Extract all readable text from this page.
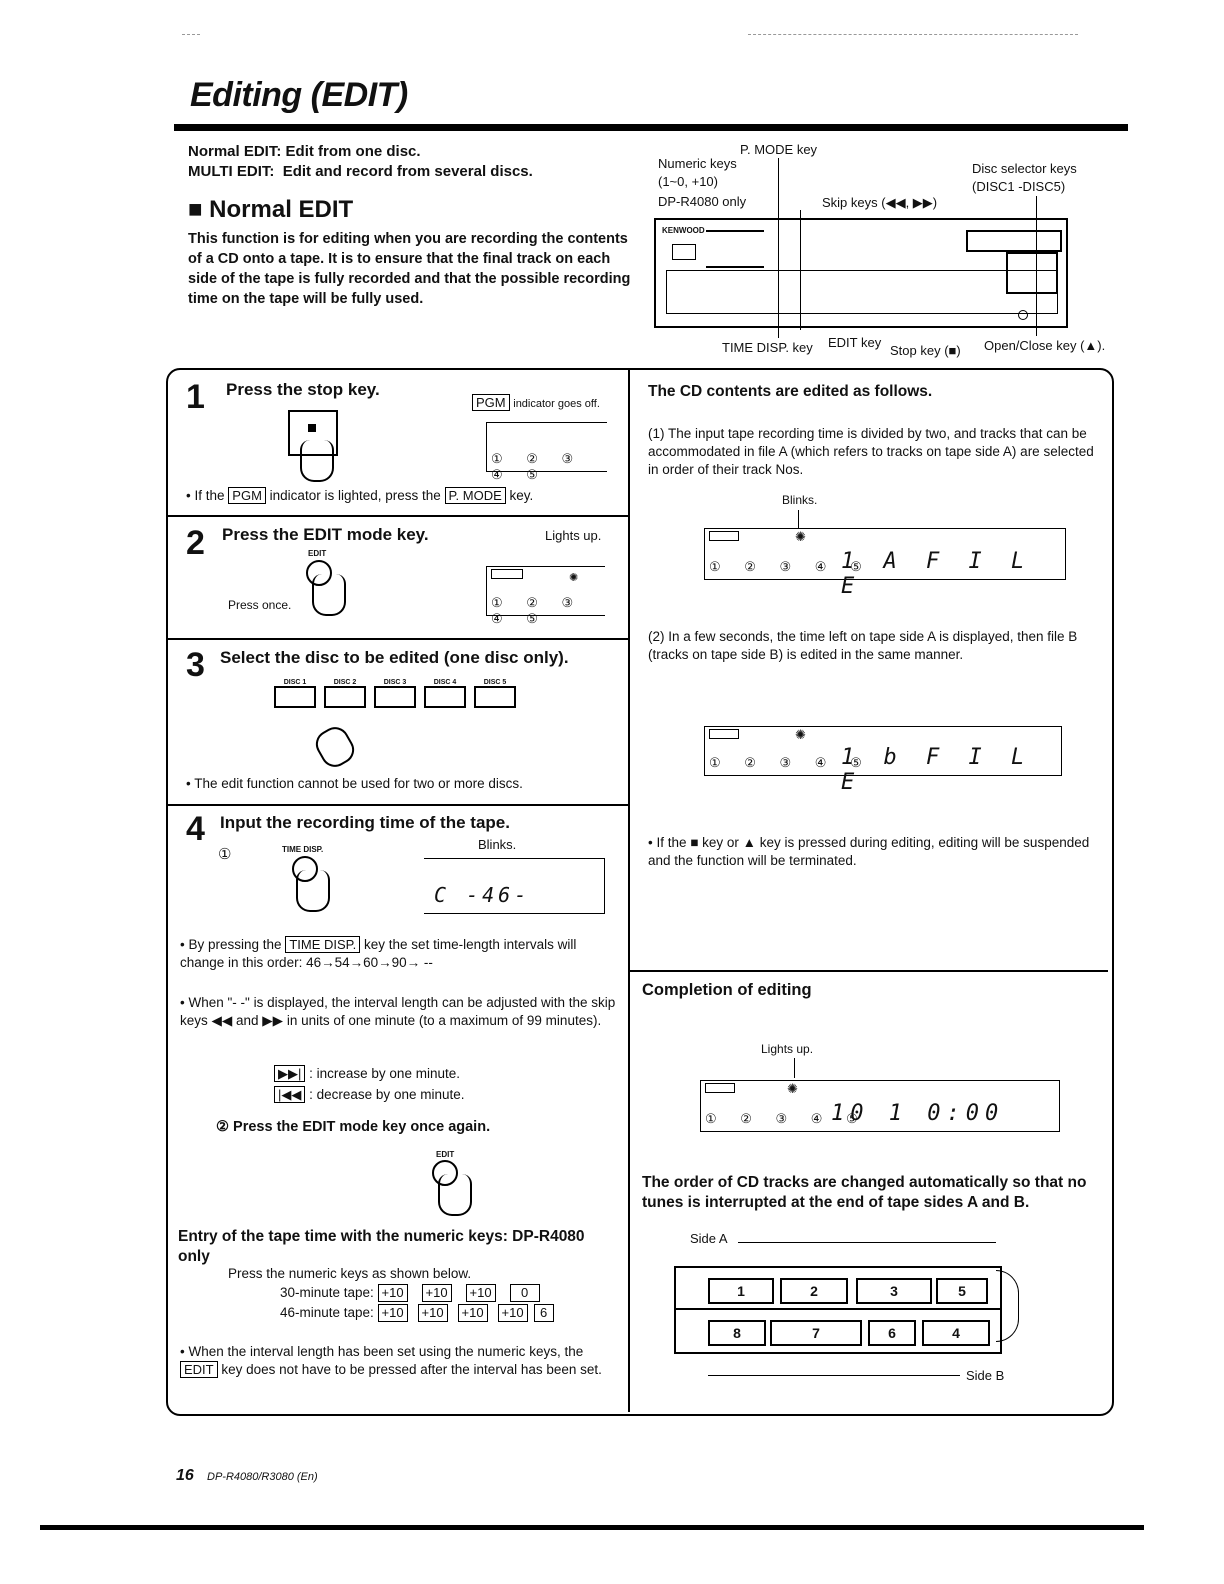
Editing (EDIT)
Normal EDIT: Edit from one disc.
MULTI EDIT: Edit and record from several discs.
■ Normal EDIT
This function is for editing when you are recording the contents of a CD onto a tape. It is to ensure that the final track on each side of the tape is fully recorded and that the possible recording time on the tape will be fully used.
P. MODE key
Numeric keys
(1~0, +10)
DP-R4080 only	Skip keys (◀◀, ▶▶)
Disc selector keys
(DISC1 -DISC5)
KENWOOD
TIME DISP. key EDIT key
Stop key (■) Open/Close key (▲).
1 Press the stop key.
PGM indicator goes off.
① ② ③ ④ ⑤
• If the PGM indicator is lighted, press the P. MODE key.
2 Press the EDIT mode key.	Lights up.
EDIT
Press once.
✺
① ② ③ ④ ⑤
3 Select the disc to be edited (one disc only).
DISC 1	DISC 2	DISC 3	DISC 4	DISC 5
• The edit function cannot be used for two or more discs.
4 Input the recording time of the tape.
①	TIME DISP.	Blinks.
C -46-
• By pressing the TIME DISP. key the set time-length intervals will change in this order: 46→54→60→90→ --
• When "- -" is displayed, the interval length can be adjusted with the skip keys ◀◀ and ▶▶ in units of one minute (to a maximum of 99 minutes).
▶▶| : increase by one minute.
|◀◀ : decrease by one minute.
② Press the EDIT mode key once again.
EDIT
Entry of the tape time with the numeric keys: DP-R4080 only
Press the numeric keys as shown below.
30-minute tape: +10 +10 +10 0
46-minute tape: +10 +10 +10 +10 6
• When the interval length has been set using the numeric keys, the EDIT key does not have to be pressed after the interval has been set.
The CD contents are edited as follows.
(1) The input tape recording time is divided by two, and tracks that can be accommodated in file A (which refers to tracks on tape side A) are selected in order of their track Nos.
Blinks.
✺
① ② ③ ④ ⑤
1 A F I L E
(2) In a few seconds, the time left on tape side A is displayed, then file B (tracks on tape side B) is edited in the same manner.
✺
① ② ③ ④ ⑤
1 b F I L E
• If the ■ key or ▲ key is pressed during editing, editing will be suspended and the function will be terminated.
Completion of editing
Lights up.
✺
① ② ③ ④ ⑤
10 1 0:00
The order of CD tracks are changed automatically so that no tunes is interrupted at the end of tape sides A and B.
Side A
1	2	3	5
8	7	6	4
Side B
16 DP-R4080/R3080 (En)
